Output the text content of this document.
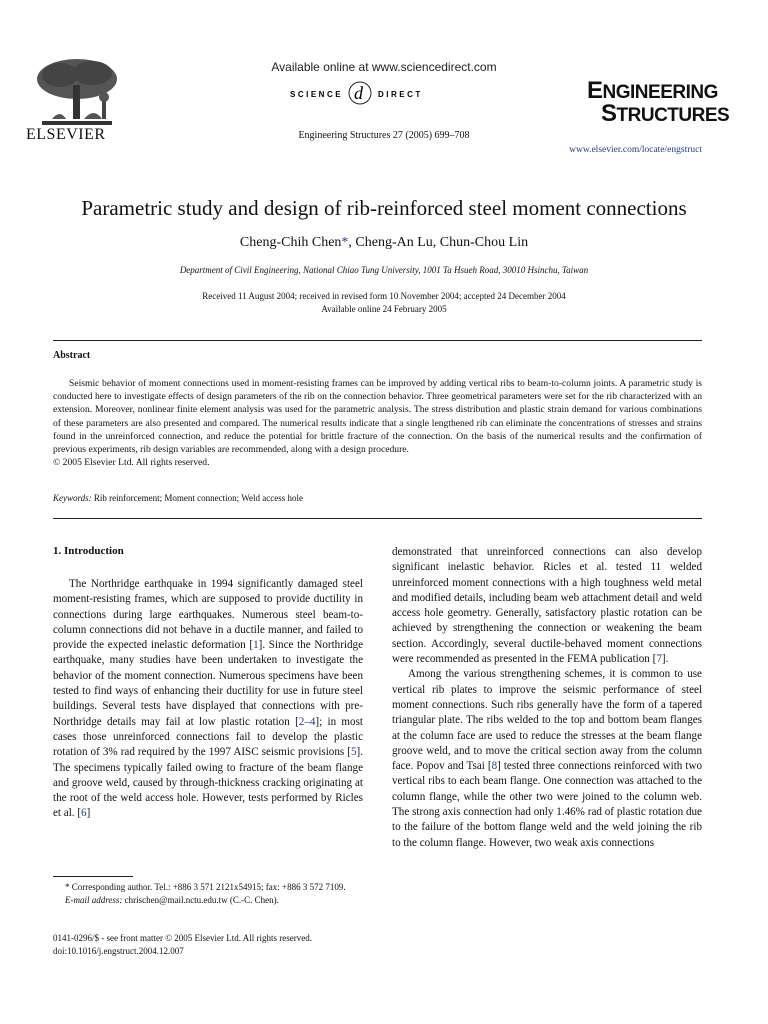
ELSEVIER
Available online at www.sciencedirect.com
SCIENCE d DIRECT
Engineering Structures 27 (2005) 699–708
ENGINEERING
STRUCTURES
www.elsevier.com/locate/engstruct
Parametric study and design of rib-reinforced steel moment connections
Cheng-Chih Chen*, Cheng-An Lu, Chun-Chou Lin
Department of Civil Engineering, National Chiao Tung University, 1001 Ta Hsueh Road, 30010 Hsinchu, Taiwan
Received 11 August 2004; received in revised form 10 November 2004; accepted 24 December 2004
Available online 24 February 2005
Abstract

Seismic behavior of moment connections used in moment-resisting frames can be improved by adding vertical ribs to beam-to-column joints. A parametric study is conducted here to investigate effects of design parameters of the rib on the connection behavior. Three geometrical parameters were set for the rib characterized with an extension. Moreover, nonlinear finite element analysis was used for the parametric analysis. The stress distribution and plastic strain demand for various combinations of these parameters are also presented and compared. The numerical results indicate that a single lengthened rib can eliminate the concentrations of stresses and strains found in the unreinforced connection, and reduce the potential for brittle fracture of the connection. On the basis of the numerical results and the confirmation of previous experiments, rib design variables are recommended, along with a design procedure.

© 2005 Elsevier Ltd. All rights reserved.

Keywords: Rib reinforcement; Moment connection; Weld access hole
1. Introduction

The Northridge earthquake in 1994 significantly damaged steel moment-resisting frames, which are supposed to provide ductility in connections during large earthquakes. Numerous steel beam-to-column connections did not behave in a ductile manner, and failed to provide the expected inelastic deformation [1]. Since the Northridge earthquake, many studies have been undertaken to investigate the behavior of the moment connection. Numerous specimens have been tested to find ways of enhancing their ductility for use in future steel buildings. Several tests have displayed that connections with pre-Northridge details may fail at low plastic rotation [2–4]; in most cases those unreinforced connections fail to develop the plastic rotation of 3% rad required by the 1997 AISC seismic provisions [5]. The specimens typically failed owing to fracture of the beam flange and groove weld, caused by through-thickness cracking originating at the root of the weld access hole. However, tests performed by Ricles et al. [6]

* Corresponding author. Tel.: +886 3 571 2121x54915; fax: +886 3 572 7109.

E-mail address: chrischen@mail.nctu.edu.tw (C.-C. Chen).

0141-0296/$ - see front matter © 2005 Elsevier Ltd. All rights reserved.
doi:10.1016/j.engstruct.2004.12.007

demonstrated that unreinforced connections can also develop significant inelastic behavior. Ricles et al. tested 11 welded unreinforced moment connections with a high toughness weld metal and modified details, including beam web attachment detail and weld access hole geometry. Generally, satisfactory plastic rotation can be achieved by strengthening the connection or weakening the beam section. Accordingly, several ductile-behaved moment connections were recommended as presented in the FEMA publication [7].

Among the various strengthening schemes, it is common to use vertical rib plates to improve the seismic performance of steel moment connections. Such ribs generally have the form of a tapered triangular plate. The ribs welded to the top and bottom beam flanges at the column face are used to reduce the stresses at the beam flange groove weld, and to move the critical section away from the column face. Popov and Tsai [8] tested three connections reinforced with two vertical ribs to each beam flange. One connection was attached to the column flange, while the other two were joined to the column web. The strong axis connection had only 1.46% rad of plastic rotation due to the failure of the bottom flange weld and the weld joining the rib to the column flange. However, two weak axis connections
